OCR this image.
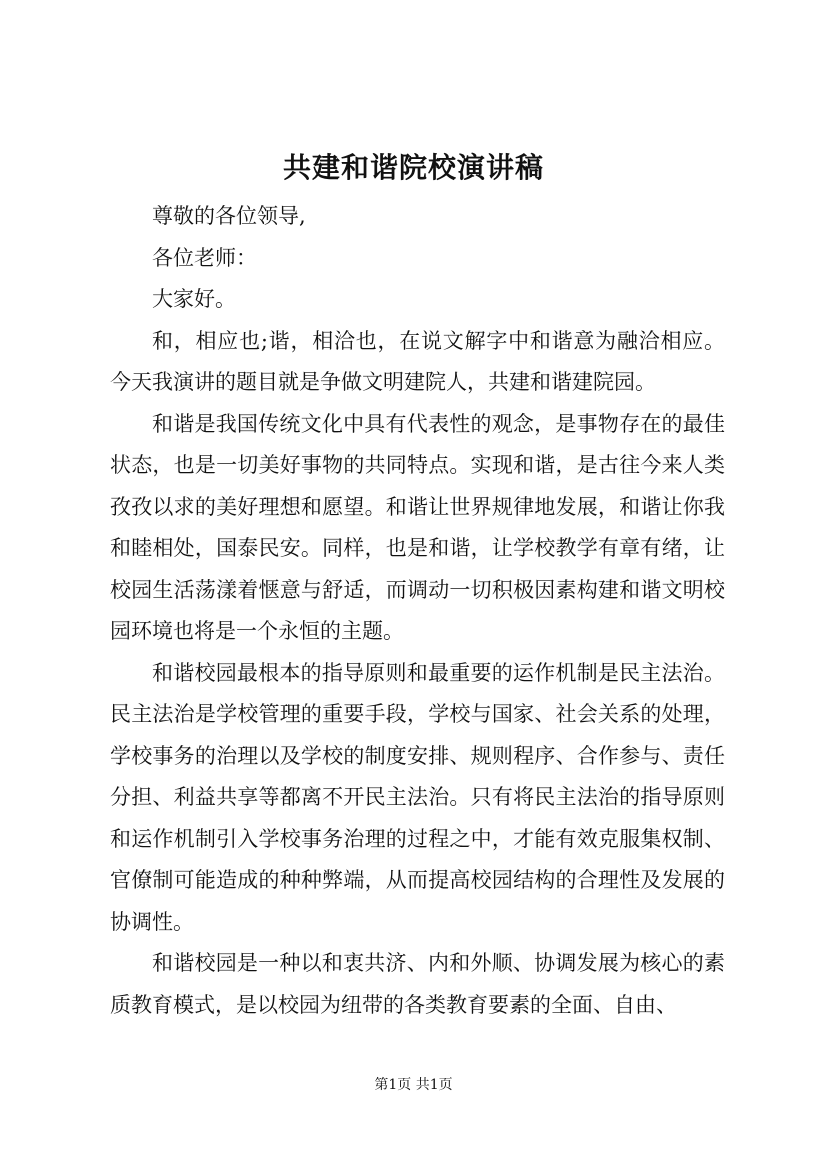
共建和谐院校演讲稿

尊敬的各位领导,

各位老师：

大家好。

和，相应也;谐，相洽也，在说文解字中和谐意为融洽相应。今天我演讲的题目就是争做文明建院人，共建和谐建院园。

和谐是我国传统文化中具有代表性的观念，是事物存在的最佳状态，也是一切美好事物的共同特点。实现和谐，是古往今来人类孜孜以求的美好理想和愿望。和谐让世界规律地发展，和谐让你我和睦相处，国泰民安。同样，也是和谐，让学校教学有章有绪，让校园生活荡漾着惬意与舒适，而调动一切积极因素构建和谐文明校园环境也将是一个永恒的主题。

和谐校园最根本的指导原则和最重要的运作机制是民主法治。民主法治是学校管理的重要手段，学校与国家、社会关系的处理，学校事务的治理以及学校的制度安排、规则程序、合作参与、责任分担、利益共享等都离不开民主法治。只有将民主法治的指导原则和运作机制引入学校事务治理的过程之中，才能有效克服集权制、官僚制可能造成的种种弊端，从而提高校园结构的合理性及发展的协调性。

和谐校园是一种以和衷共济、内和外顺、协调发展为核心的素质教育模式，是以校园为纽带的各类教育要素的全面、自由、

第1页 共1页
